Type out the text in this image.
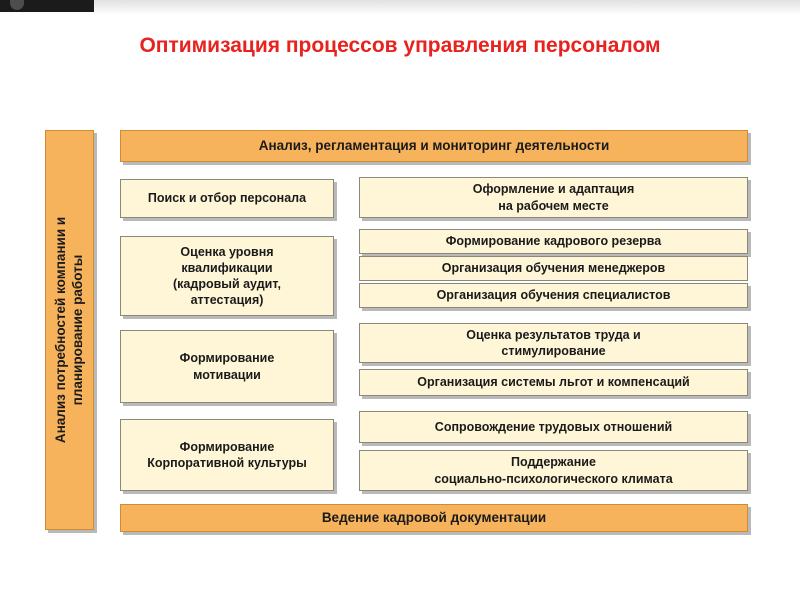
Оптимизация процессов управления персоналом
Анализ потребностей компании и планирование работы
Анализ, регламентация и мониторинг деятельности
Поиск и отбор персонала
Оценка уровня
квалификации
(кадровый аудит,
аттестация)
Формирование
мотивации
Формирование
Корпоративной культуры
Оформление и адаптация
на рабочем месте
Формирование кадрового резерва
Организация обучения менеджеров
Организация обучения специалистов
Оценка результатов труда и
стимулирование
Организация системы льгот и компенсаций
Сопровождение трудовых отношений
Поддержание
социально-психологического климата
Ведение кадровой документации
